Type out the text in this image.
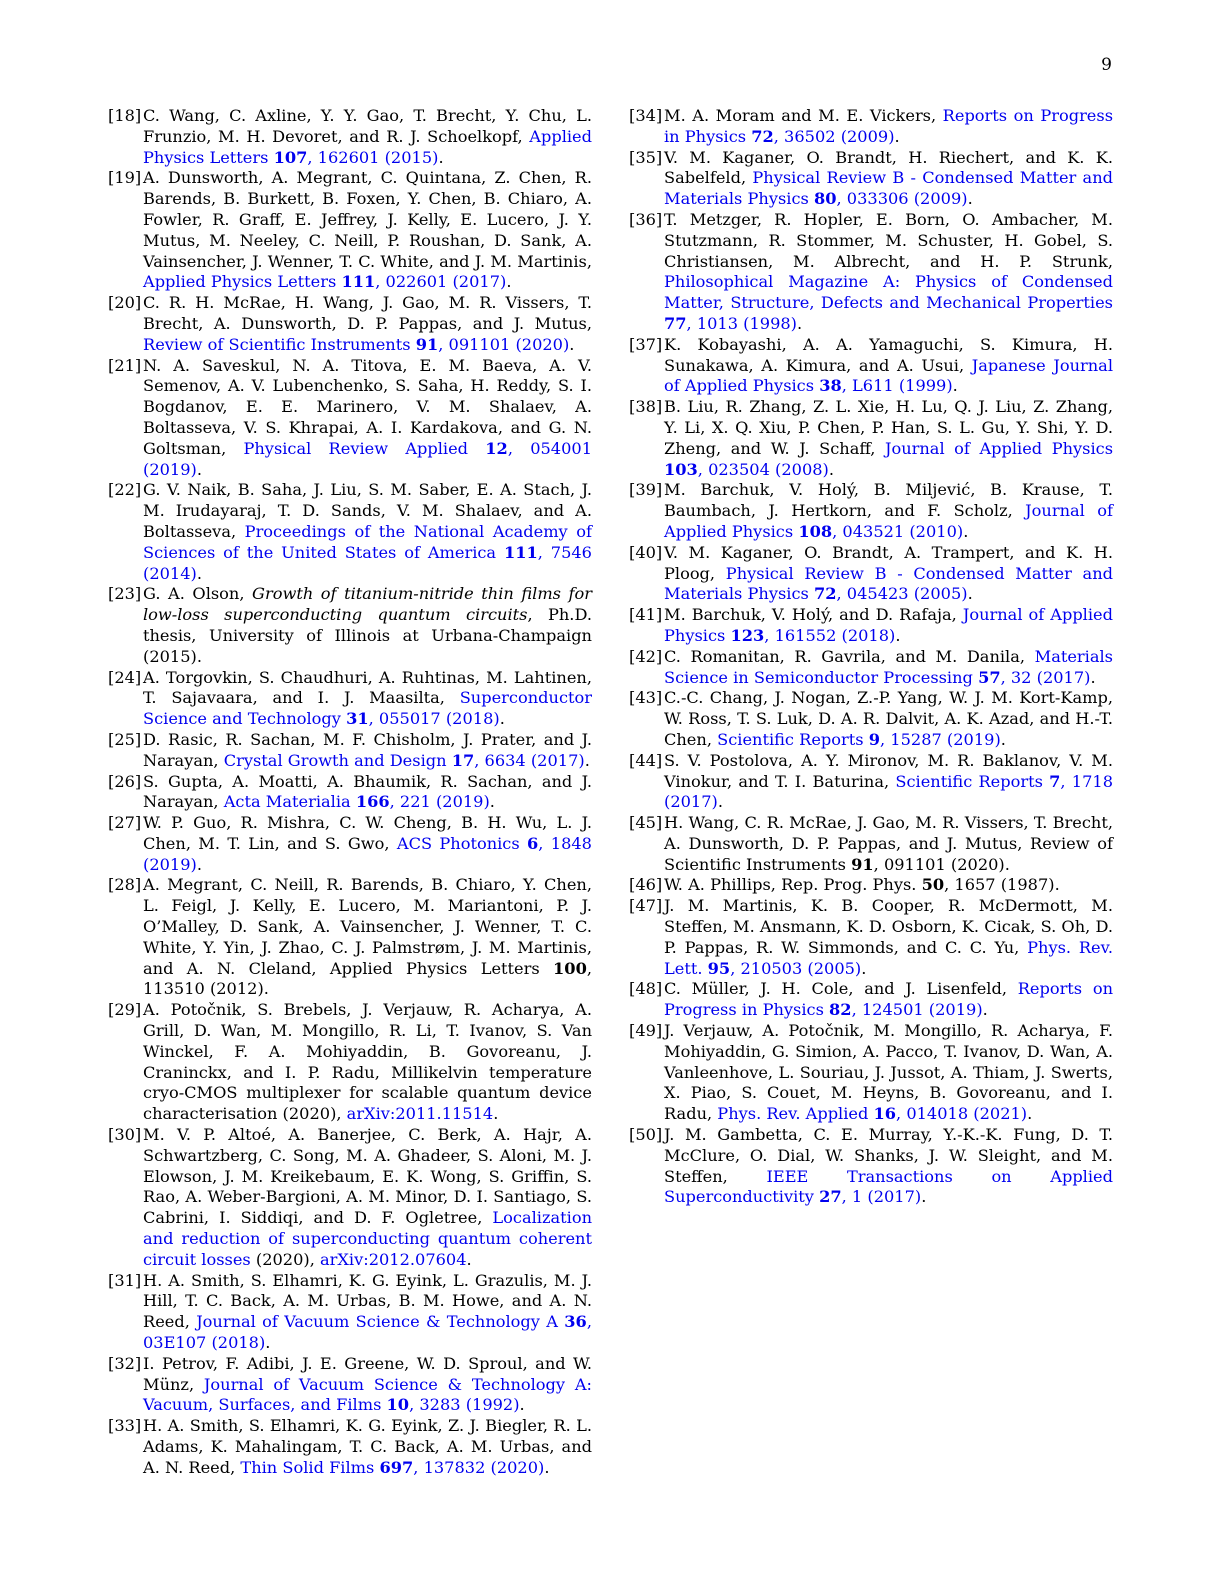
9
[18] C. Wang, C. Axline, Y. Y. Gao, T. Brecht, Y. Chu, L. Frunzio, M. H. Devoret, and R. J. Schoelkopf, Applied Physics Letters 107, 162601 (2015).
[19] A. Dunsworth, A. Megrant, C. Quintana, Z. Chen, R. Barends, B. Burkett, B. Foxen, Y. Chen, B. Chiaro, A. Fowler, R. Graff, E. Jeffrey, J. Kelly, E. Lucero, J. Y. Mutus, M. Neeley, C. Neill, P. Roushan, D. Sank, A. Vainsencher, J. Wenner, T. C. White, and J. M. Martinis, Applied Physics Letters 111, 022601 (2017).
[20] C. R. H. McRae, H. Wang, J. Gao, M. R. Vissers, T. Brecht, A. Dunsworth, D. P. Pappas, and J. Mutus, Review of Scientific Instruments 91, 091101 (2020).
[21] N. A. Saveskul, N. A. Titova, E. M. Baeva, A. V. Semenov, A. V. Lubenchenko, S. Saha, H. Reddy, S. I. Bogdanov, E. E. Marinero, V. M. Shalaev, A. Boltasseva, V. S. Khrapai, A. I. Kardakova, and G. N. Goltsman, Physical Review Applied 12, 054001 (2019).
[22] G. V. Naik, B. Saha, J. Liu, S. M. Saber, E. A. Stach, J. M. Irudayaraj, T. D. Sands, V. M. Shalaev, and A. Boltasseva, Proceedings of the National Academy of Sciences of the United States of America 111, 7546 (2014).
[23] G. A. Olson, Growth of titanium-nitride thin films for low-loss superconducting quantum circuits, Ph.D. thesis, University of Illinois at Urbana-Champaign (2015).
[24] A. Torgovkin, S. Chaudhuri, A. Ruhtinas, M. Lahtinen, T. Sajavaara, and I. J. Maasilta, Superconductor Science and Technology 31, 055017 (2018).
[25] D. Rasic, R. Sachan, M. F. Chisholm, J. Prater, and J. Narayan, Crystal Growth and Design 17, 6634 (2017).
[26] S. Gupta, A. Moatti, A. Bhaumik, R. Sachan, and J. Narayan, Acta Materialia 166, 221 (2019).
[27] W. P. Guo, R. Mishra, C. W. Cheng, B. H. Wu, L. J. Chen, M. T. Lin, and S. Gwo, ACS Photonics 6, 1848 (2019).
[28] A. Megrant, C. Neill, R. Barends, B. Chiaro, Y. Chen, L. Feigl, J. Kelly, E. Lucero, M. Mariantoni, P. J. O’Malley, D. Sank, A. Vainsencher, J. Wenner, T. C. White, Y. Yin, J. Zhao, C. J. Palmstrøm, J. M. Martinis, and A. N. Cleland, Applied Physics Letters 100, 113510 (2012).
[29] A. Potočnik, S. Brebels, J. Verjauw, R. Acharya, A. Grill, D. Wan, M. Mongillo, R. Li, T. Ivanov, S. Van Winckel, F. A. Mohiyaddin, B. Govoreanu, J. Craninckx, and I. P. Radu, Millikelvin temperature cryo-CMOS multiplexer for scalable quantum device characterisation (2020), arXiv:2011.11514.
[30] M. V. P. Altoé, A. Banerjee, C. Berk, A. Hajr, A. Schwartzberg, C. Song, M. A. Ghadeer, S. Aloni, M. J. Elowson, J. M. Kreikebaum, E. K. Wong, S. Griffin, S. Rao, A. Weber-Bargioni, A. M. Minor, D. I. Santiago, S. Cabrini, I. Siddiqi, and D. F. Ogletree, Localization and reduction of superconducting quantum coherent circuit losses (2020), arXiv:2012.07604.
[31] H. A. Smith, S. Elhamri, K. G. Eyink, L. Grazulis, M. J. Hill, T. C. Back, A. M. Urbas, B. M. Howe, and A. N. Reed, Journal of Vacuum Science & Technology A 36, 03E107 (2018).
[32] I. Petrov, F. Adibi, J. E. Greene, W. D. Sproul, and W. Münz, Journal of Vacuum Science & Technology A: Vacuum, Surfaces, and Films 10, 3283 (1992).
[33] H. A. Smith, S. Elhamri, K. G. Eyink, Z. J. Biegler, R. L. Adams, K. Mahalingam, T. C. Back, A. M. Urbas, and A. N. Reed, Thin Solid Films 697, 137832 (2020).
[34] M. A. Moram and M. E. Vickers, Reports on Progress in Physics 72, 36502 (2009).
[35] V. M. Kaganer, O. Brandt, H. Riechert, and K. K. Sabelfeld, Physical Review B - Condensed Matter and Materials Physics 80, 033306 (2009).
[36] T. Metzger, R. Hopler, E. Born, O. Ambacher, M. Stutzmann, R. Stommer, M. Schuster, H. Gobel, S. Christiansen, M. Albrecht, and H. P. Strunk, Philosophical Magazine A: Physics of Condensed Matter, Structure, Defects and Mechanical Properties 77, 1013 (1998).
[37] K. Kobayashi, A. A. Yamaguchi, S. Kimura, H. Sunakawa, A. Kimura, and A. Usui, Japanese Journal of Applied Physics 38, L611 (1999).
[38] B. Liu, R. Zhang, Z. L. Xie, H. Lu, Q. J. Liu, Z. Zhang, Y. Li, X. Q. Xiu, P. Chen, P. Han, S. L. Gu, Y. Shi, Y. D. Zheng, and W. J. Schaff, Journal of Applied Physics 103, 023504 (2008).
[39] M. Barchuk, V. Holý, B. Miljević, B. Krause, T. Baumbach, J. Hertkorn, and F. Scholz, Journal of Applied Physics 108, 043521 (2010).
[40] V. M. Kaganer, O. Brandt, A. Trampert, and K. H. Ploog, Physical Review B - Condensed Matter and Materials Physics 72, 045423 (2005).
[41] M. Barchuk, V. Holý, and D. Rafaja, Journal of Applied Physics 123, 161552 (2018).
[42] C. Romanitan, R. Gavrila, and M. Danila, Materials Science in Semiconductor Processing 57, 32 (2017).
[43] C.-C. Chang, J. Nogan, Z.-P. Yang, W. J. M. Kort-Kamp, W. Ross, T. S. Luk, D. A. R. Dalvit, A. K. Azad, and H.-T. Chen, Scientific Reports 9, 15287 (2019).
[44] S. V. Postolova, A. Y. Mironov, M. R. Baklanov, V. M. Vinokur, and T. I. Baturina, Scientific Reports 7, 1718 (2017).
[45] H. Wang, C. R. McRae, J. Gao, M. R. Vissers, T. Brecht, A. Dunsworth, D. P. Pappas, and J. Mutus, Review of Scientific Instruments 91, 091101 (2020).
[46] W. A. Phillips, Rep. Prog. Phys. 50, 1657 (1987).
[47] J. M. Martinis, K. B. Cooper, R. McDermott, M. Steffen, M. Ansmann, K. D. Osborn, K. Cicak, S. Oh, D. P. Pappas, R. W. Simmonds, and C. C. Yu, Phys. Rev. Lett. 95, 210503 (2005).
[48] C. Müller, J. H. Cole, and J. Lisenfeld, Reports on Progress in Physics 82, 124501 (2019).
[49] J. Verjauw, A. Potočnik, M. Mongillo, R. Acharya, F. Mohiyaddin, G. Simion, A. Pacco, T. Ivanov, D. Wan, A. Vanleenhove, L. Souriau, J. Jussot, A. Thiam, J. Swerts, X. Piao, S. Couet, M. Heyns, B. Govoreanu, and I. Radu, Phys. Rev. Applied 16, 014018 (2021).
[50] J. M. Gambetta, C. E. Murray, Y.-K.-K. Fung, D. T. McClure, O. Dial, W. Shanks, J. W. Sleight, and M. Steffen, IEEE Transactions on Applied Superconductivity 27, 1 (2017).
